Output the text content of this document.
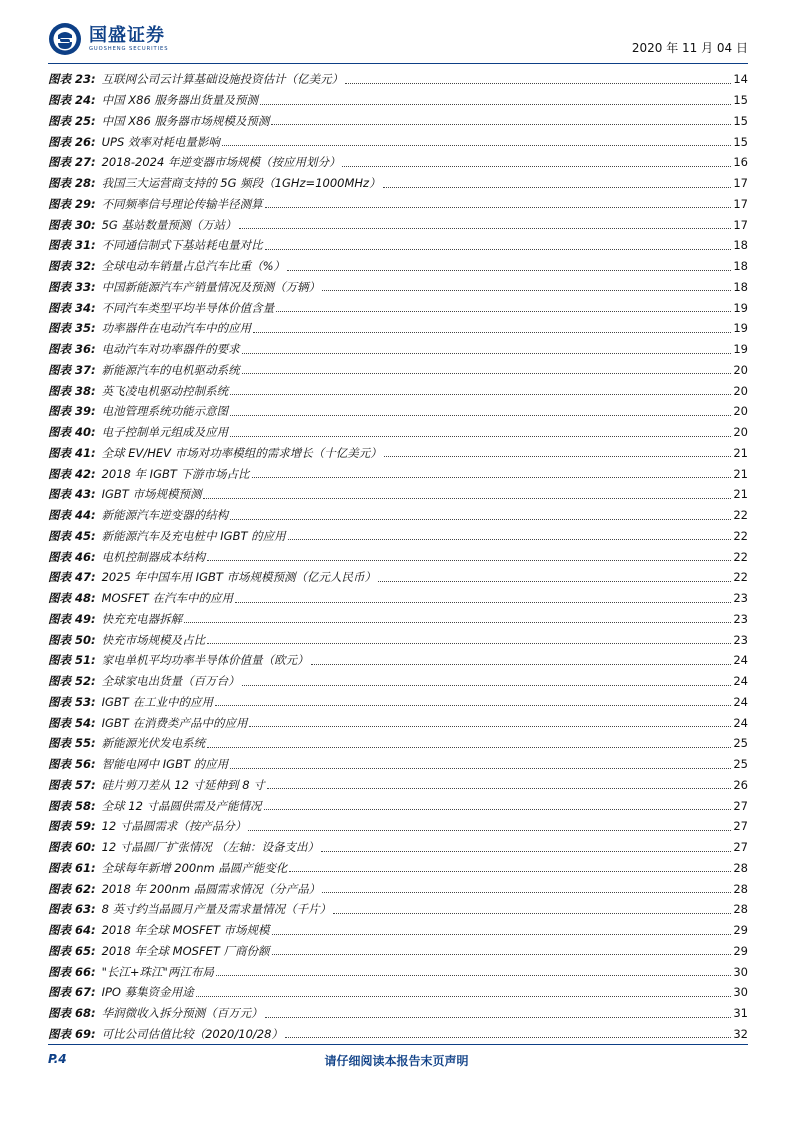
国盛证券
GUOSHENG SECURITIES	2020 年 11 月 04 日
图表 23: 互联网公司云计算基础设施投资估计（亿美元）	14
图表 24: 中国 X86 服务器出货量及预测	15
图表 25: 中国 X86 服务器市场规模及预测	15
图表 26: UPS 效率对耗电量影响	15
图表 27: 2018-2024 年逆变器市场规模（按应用划分）	16
图表 28: 我国三大运营商支持的 5G 频段（1GHz=1000MHz）	17
图表 29: 不同频率信号理论传输半径测算	17
图表 30: 5G 基站数量预测（万站）	17
图表 31: 不同通信制式下基站耗电量对比	18
图表 32: 全球电动车销量占总汽车比重（%）	18
图表 33: 中国新能源汽车产销量情况及预测（万辆）	18
图表 34: 不同汽车类型平均半导体价值含量	19
图表 35: 功率器件在电动汽车中的应用	19
图表 36: 电动汽车对功率器件的要求	19
图表 37: 新能源汽车的电机驱动系统	20
图表 38: 英飞凌电机驱动控制系统	20
图表 39: 电池管理系统功能示意图	20
图表 40: 电子控制单元组成及应用	20
图表 41: 全球 EV/HEV 市场对功率模组的需求增长（十亿美元）	21
图表 42: 2018 年 IGBT 下游市场占比	21
图表 43: IGBT 市场规模预测	21
图表 44: 新能源汽车逆变器的结构	22
图表 45: 新能源汽车及充电桩中 IGBT 的应用	22
图表 46: 电机控制器成本结构	22
图表 47: 2025 年中国车用 IGBT 市场规模预测（亿元人民币）	22
图表 48: MOSFET 在汽车中的应用	23
图表 49: 快充充电器拆解	23
图表 50: 快充市场规模及占比	23
图表 51: 家电单机平均功率半导体价值量（欧元）	24
图表 52: 全球家电出货量（百万台）	24
图表 53: IGBT 在工业中的应用	24
图表 54: IGBT 在消费类产品中的应用	24
图表 55: 新能源光伏发电系统	25
图表 56: 智能电网中 IGBT 的应用	25
图表 57: 硅片剪刀差从 12 寸延伸到 8 寸	26
图表 58: 全球 12 寸晶圆供需及产能情况	27
图表 59: 12 寸晶圆需求（按产品分）	27
图表 60: 12 寸晶圆厂扩张情况 （左轴：设备支出）	27
图表 61: 全球每年新增 200nm 晶圆产能变化	28
图表 62: 2018 年 200nm 晶圆需求情况（分产品）	28
图表 63: 8 英寸约当晶圆月产量及需求量情况（千片）	28
图表 64: 2018 年全球 MOSFET 市场规模	29
图表 65: 2018 年全球 MOSFET 厂商份额	29
图表 66: "长江+珠江"两江布局	30
图表 67: IPO 募集资金用途	30
图表 68: 华润微收入拆分预测（百万元）	31
图表 69: 可比公司估值比较（2020/10/28）	32
P.4	请仔细阅读本报告末页声明
